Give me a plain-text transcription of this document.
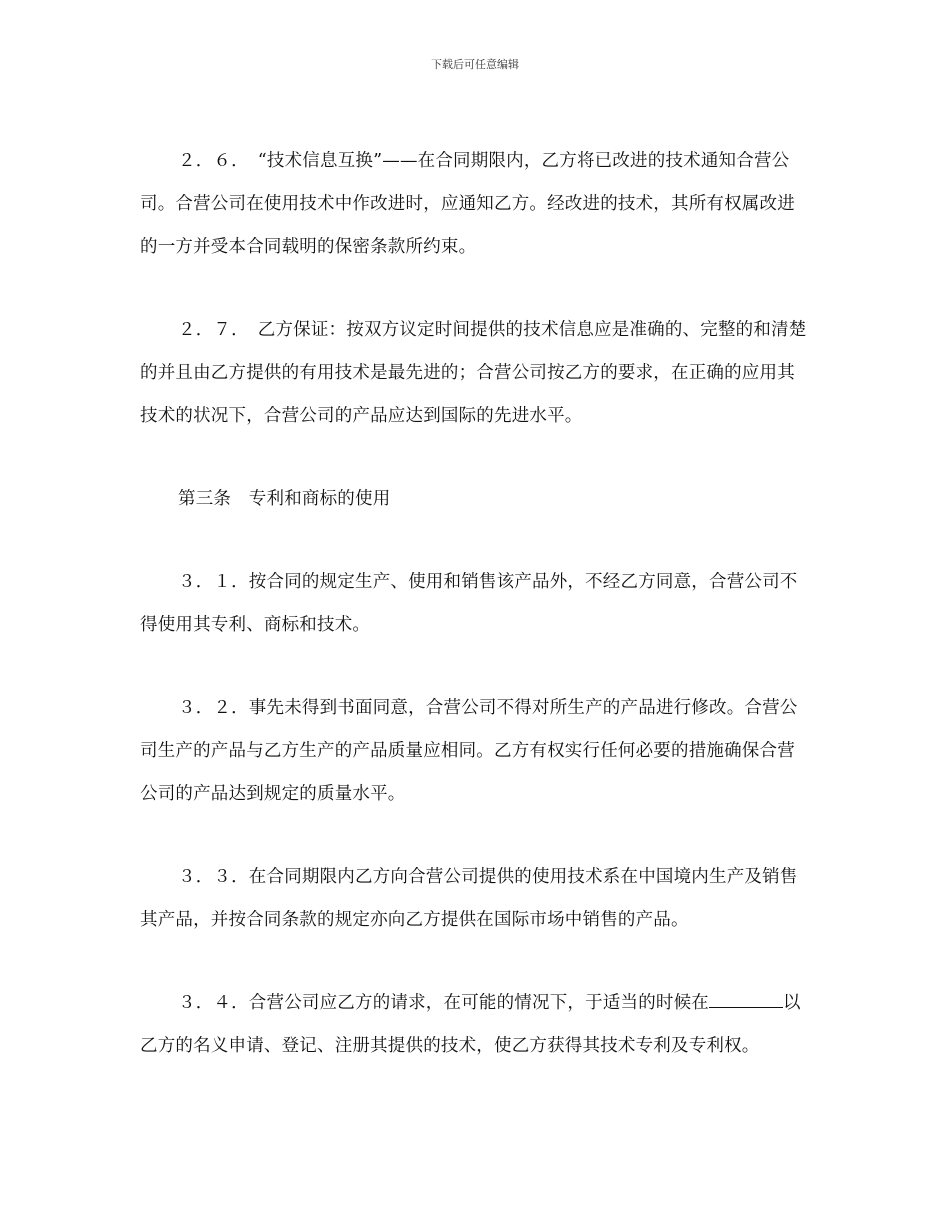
下载后可任意编辑

２．６．　“技术信息互换”——在合同期限内，乙方将已改进的技术通知合营公司。合营公司在使用技术中作改进时，应通知乙方。经改进的技术，其所有权属改进的一方并受本合同载明的保密条款所约束。

２．７．　乙方保证：按双方议定时间提供的技术信息应是准确的、完整的和清楚的并且由乙方提供的有用技术是最先进的；合营公司按乙方的要求，在正确的应用其技术的状况下，合营公司的产品应达到国际的先进水平。

第三条　专利和商标的使用

３．１．按合同的规定生产、使用和销售该产品外，不经乙方同意，合营公司不得使用其专利、商标和技术。

３．２．事先未得到书面同意，合营公司不得对所生产的产品进行修改。合营公司生产的产品与乙方生产的产品质量应相同。乙方有权实行任何必要的措施确保合营公司的产品达到规定的质量水平。

３．３．在合同期限内乙方向合营公司提供的使用技术系在中国境内生产及销售其产品，并按合同条款的规定亦向乙方提供在国际市场中销售的产品。

３．４．合营公司应乙方的请求，在可能的情况下，于适当的时候在	以乙方的名义申请、登记、注册其提供的技术，使乙方获得其技术专利及专利权。
